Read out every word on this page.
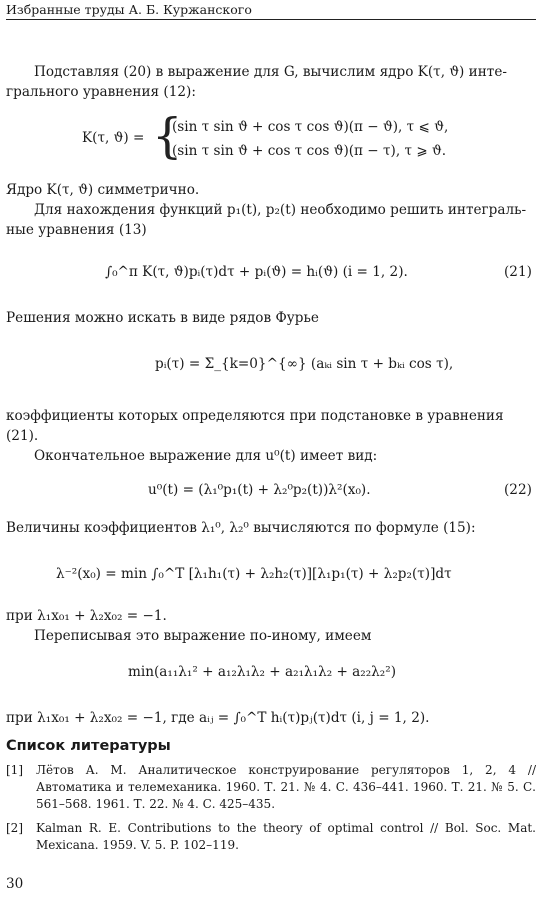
Избранные труды А. Б. Куржанского
Подставляя (20) в выражение для G, вычислим ядро K(τ, ϑ) инте-
грального уравнения (12):
K(τ, ϑ) = {
(sin τ sin ϑ + cos τ cos ϑ)(π − ϑ), τ ⩽ ϑ,
(sin τ sin ϑ + cos τ cos ϑ)(π − τ), τ ⩾ ϑ.
Ядро K(τ, ϑ) симметрично.
Для нахождения функций p₁(t), p₂(t) необходимо решить интеграль-
ные уравнения (13)
∫₀^π K(τ, ϑ)pᵢ(τ)dτ + pᵢ(ϑ) = hᵢ(ϑ) (i = 1, 2).	(21)
Решения можно искать в виде рядов Фурье
pᵢ(τ) = Σ_{k=0}^{∞} (aₖᵢ sin τ + bₖᵢ cos τ),
коэффициенты которых определяются при подстановке в уравнения
(21).
Окончательное выражение для u⁰(t) имеет вид:
u⁰(t) = (λ₁⁰p₁(t) + λ₂⁰p₂(t))λ²(x₀).	(22)
Величины коэффициентов λ₁⁰, λ₂⁰ вычисляются по формуле (15):
λ⁻²(x₀) = min ∫₀^T [λ₁h₁(τ) + λ₂h₂(τ)][λ₁p₁(τ) + λ₂p₂(τ)]dτ
при λ₁x₀₁ + λ₂x₀₂ = −1.
Переписывая это выражение по-иному, имеем
min(a₁₁λ₁² + a₁₂λ₁λ₂ + a₂₁λ₁λ₂ + a₂₂λ₂²)
при λ₁x₀₁ + λ₂x₀₂ = −1, где aᵢⱼ = ∫₀^T hᵢ(τ)pⱼ(τ)dτ (i, j = 1, 2).
Список литературы
[1] Лётов А. М. Аналитическое конструирование регуляторов 1, 2, 4 // Автоматика и телемеханика. 1960. Т. 21. № 4. С. 436–441. 1960. Т. 21. № 5. С. 561–568. 1961. Т. 22. № 4. С. 425–435.
[2] Kalman R. E. Contributions to the theory of optimal control // Bol. Soc. Mat. Mexicana. 1959. V. 5. P. 102–119.
30
